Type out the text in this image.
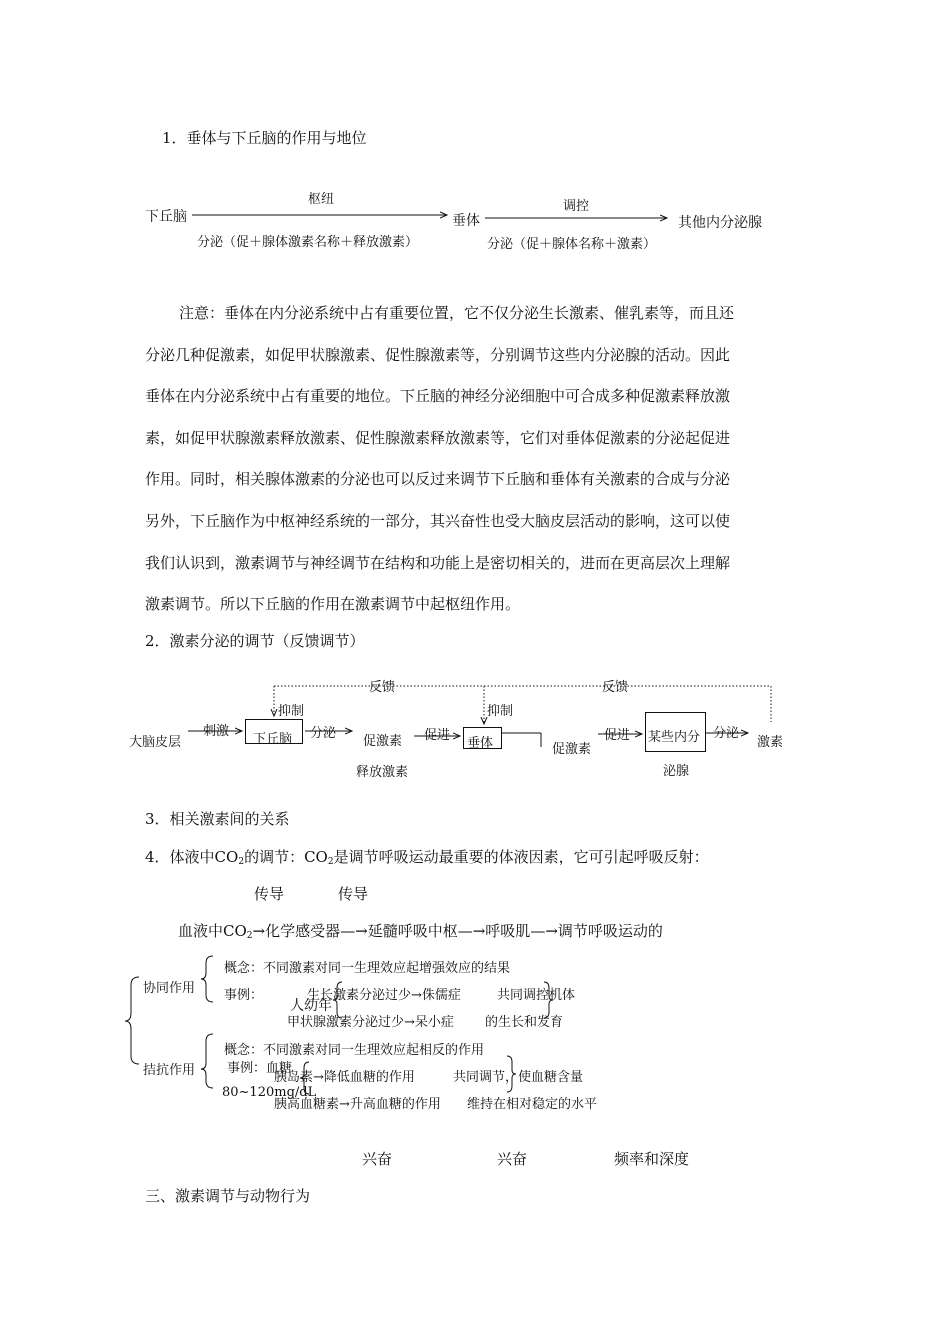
1．垂体与下丘脑的作用与地位
下丘脑
枢纽
分泌（促＋腺体激素名称＋释放激素）
垂体
调控
分泌（促＋腺体名称＋激素）
其他内分泌腺

注意：垂体在内分泌系统中占有重要位置，它不仅分泌生长激素、催乳素等，而且还

分泌几种促激素，如促甲状腺激素、促性腺激素等，分别调节这些内分泌腺的活动。因此

垂体在内分泌系统中占有重要的地位。下丘脑的神经分泌细胞中可合成多种促激素释放激

素，如促甲状腺激素释放激素、促性腺激素释放激素等，它们对垂体促激素的分泌起促进

作用。同时，相关腺体激素的分泌也可以反过来调节下丘脑和垂体有关激素的合成与分泌

另外，下丘脑作为中枢神经系统的一部分，其兴奋性也受大脑皮层活动的影响，这可以使

我们认识到，激素调节与神经调节在结构和功能上是密切相关的，进而在更高层次上理解

激素调节。所以下丘脑的作用在激素调节中起枢纽作用。

2．激素分泌的调节（反馈调节）
反馈	反馈
抑制	抑制
大脑皮层
刺激
下丘脑 分泌
促激素
释放激素
促进
垂体	促激素
促进 某些内分
泌腺
分泌
激素
3．相关激素间的关系
4．体液中$CO_2$的调节：$CO_2$是调节呼吸运动最重要的体液因素，它可引起呼吸反射：
传导	传导
血液中$CO_2\to$化学感受器—→延髓呼吸中枢—→呼吸肌—→调节呼吸运动的
协同作用
概念：不同激素对同一生理效应起增强效应的结果
事例：	生长激素分泌过少→侏儒症	共同调控机体
人幼年
甲状腺激素分泌过少→呆小症 的生长和发育
拮抗作用
概念：不同激素对同一生理效应起相反的作用
事例：血糖
胰岛素→降低血糖的作用	共同调节，使血糖含量
80~120mg/dL
胰高血糖素→升高血糖的作用 维持在相对稳定的水平
兴奋	兴奋	频率和深度
三、激素调节与动物行为
